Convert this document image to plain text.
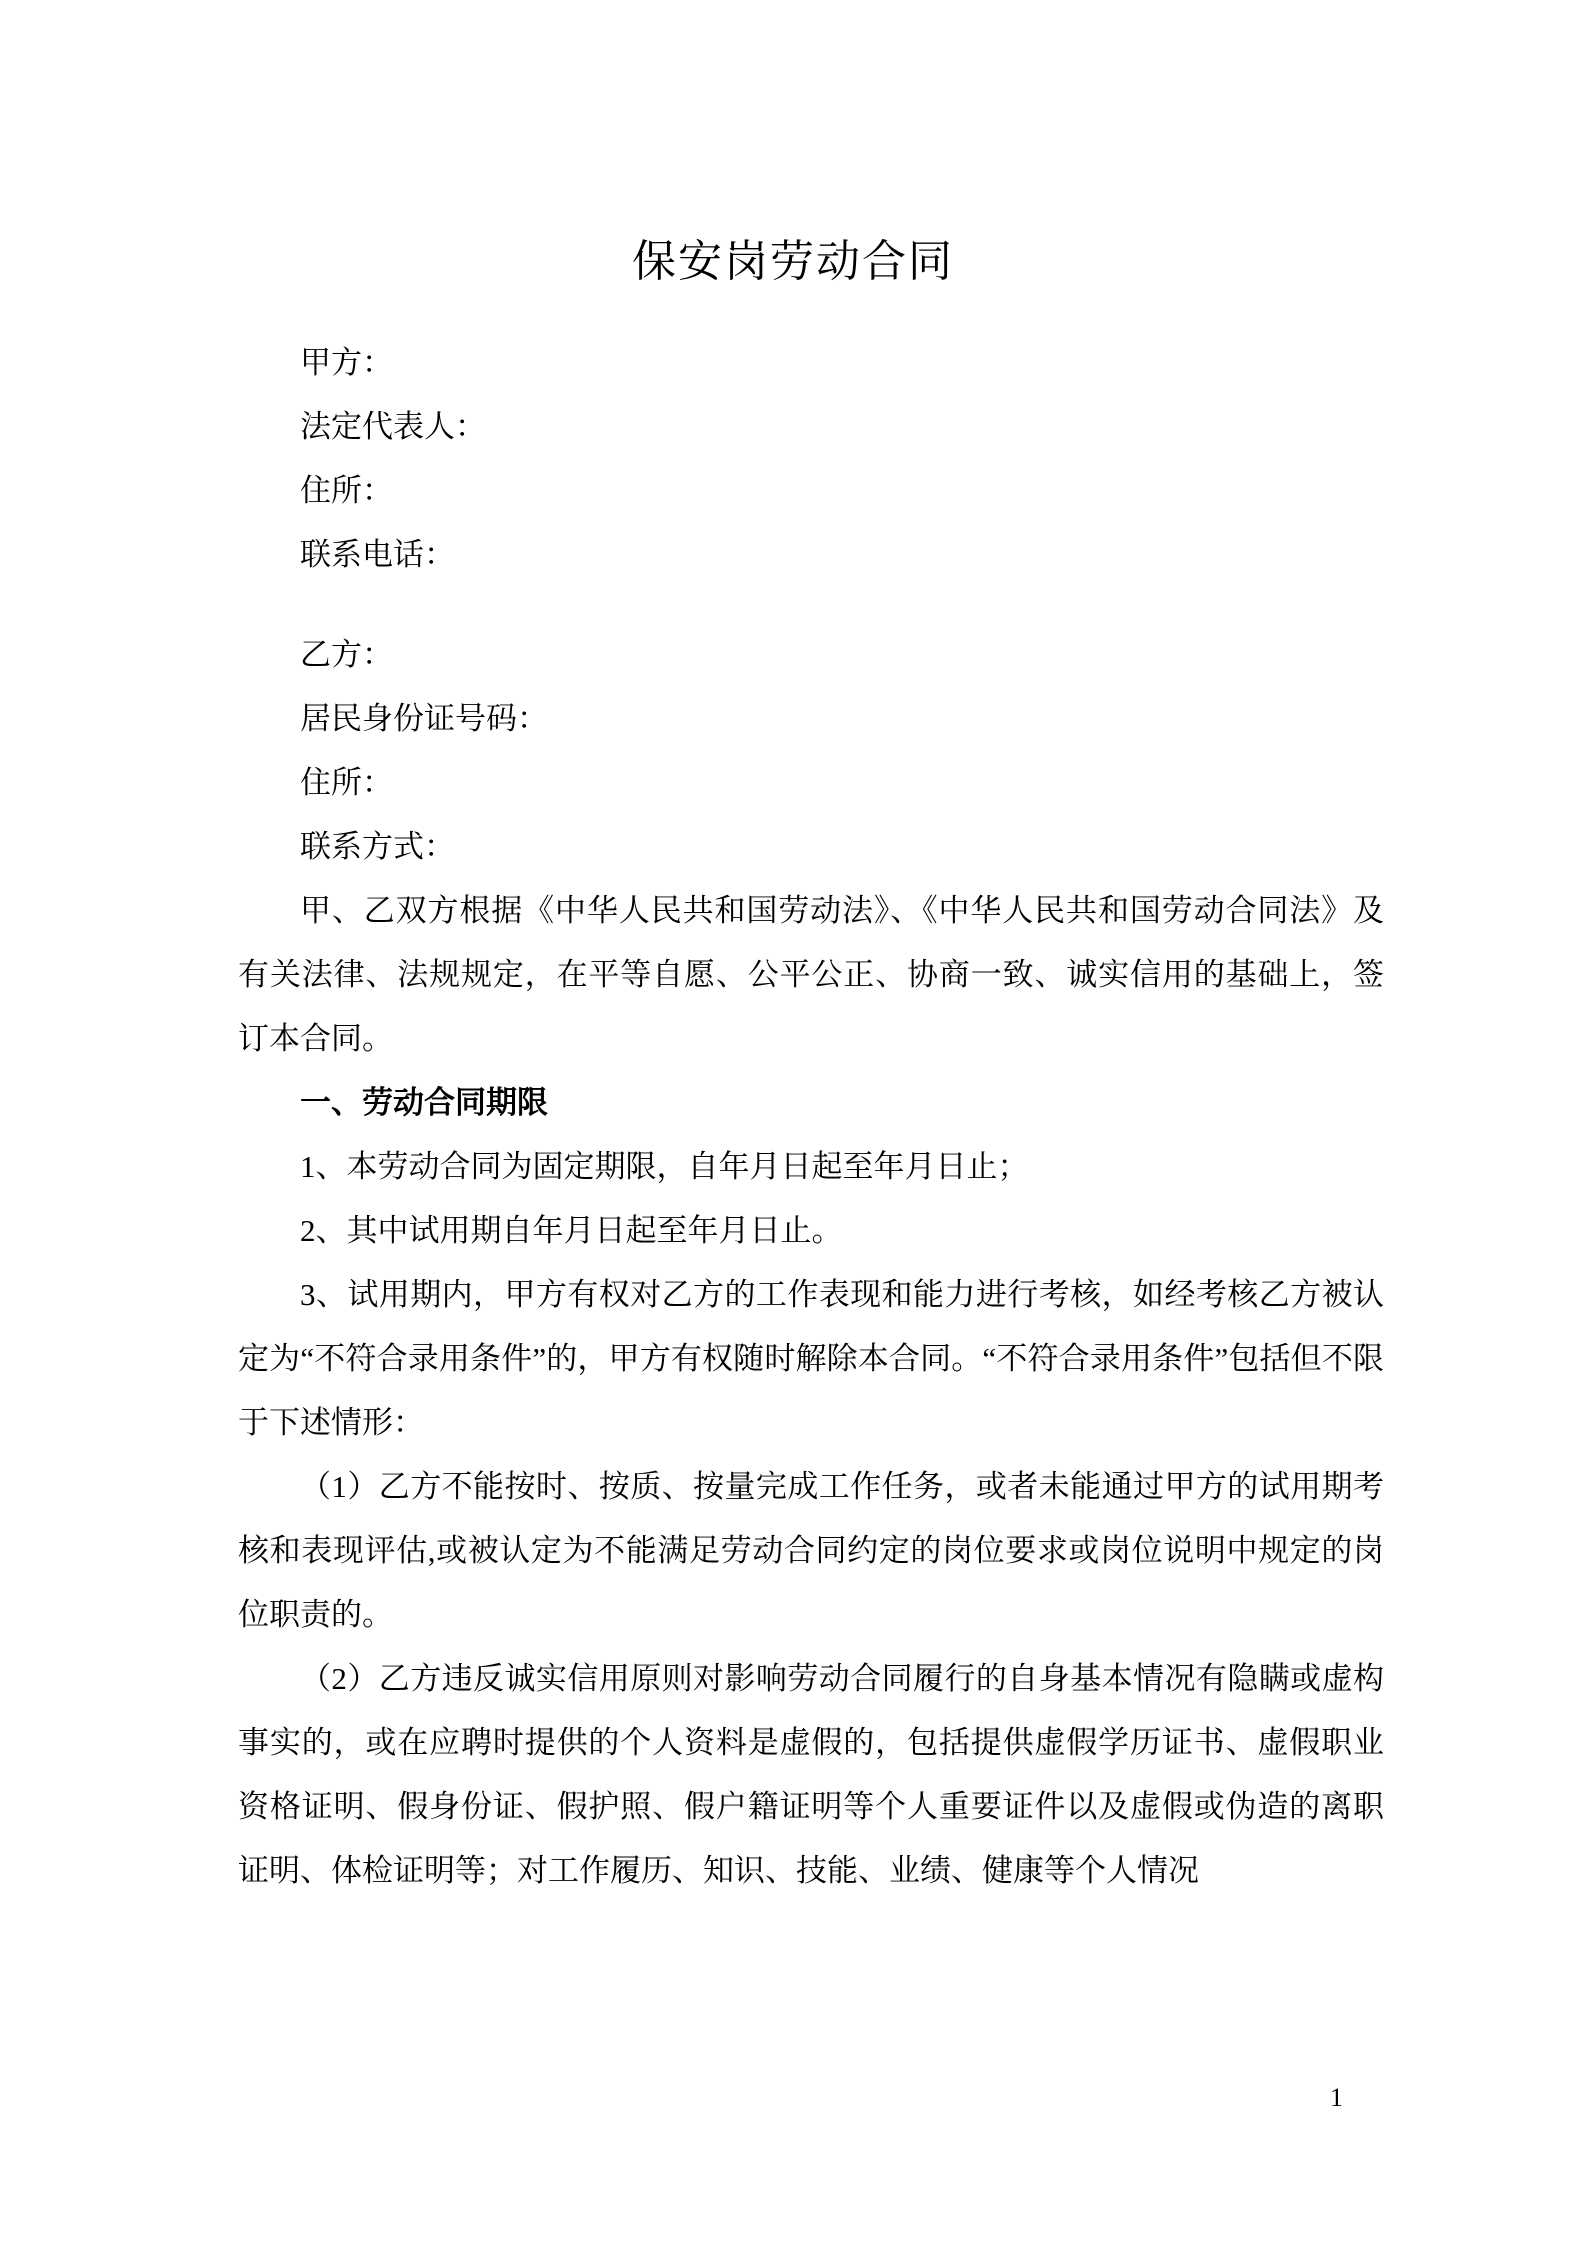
保安岗劳动合同

甲方：

法定代表人：

住所：

联系电话：

乙方：

居民身份证号码：

住所：

联系方式：

甲、乙双方根据《中华人民共和国劳动法》、《中华人民共和国劳动合同法》及有关法律、法规规定，在平等自愿、公平公正、协商一致、诚实信用的基础上，签订本合同。

一、劳动合同期限

1、本劳动合同为固定期限，自年月日起至年月日止；

2、其中试用期自年月日起至年月日止。

3、试用期内，甲方有权对乙方的工作表现和能力进行考核，如经考核乙方被认定为“不符合录用条件”的，甲方有权随时解除本合同。“不符合录用条件”包括但不限于下述情形：

（1）乙方不能按时、按质、按量完成工作任务，或者未能通过甲方的试用期考核和表现评估,或被认定为不能满足劳动合同约定的岗位要求或岗位说明中规定的岗位职责的。

（2）乙方违反诚实信用原则对影响劳动合同履行的自身基本情况有隐瞒或虚构事实的，或在应聘时提供的个人资料是虚假的，包括提供虚假学历证书、虚假职业资格证明、假身份证、假护照、假户籍证明等个人重要证件以及虚假或伪造的离职证明、体检证明等；对工作履历、知识、技能、业绩、健康等个人情况

1
